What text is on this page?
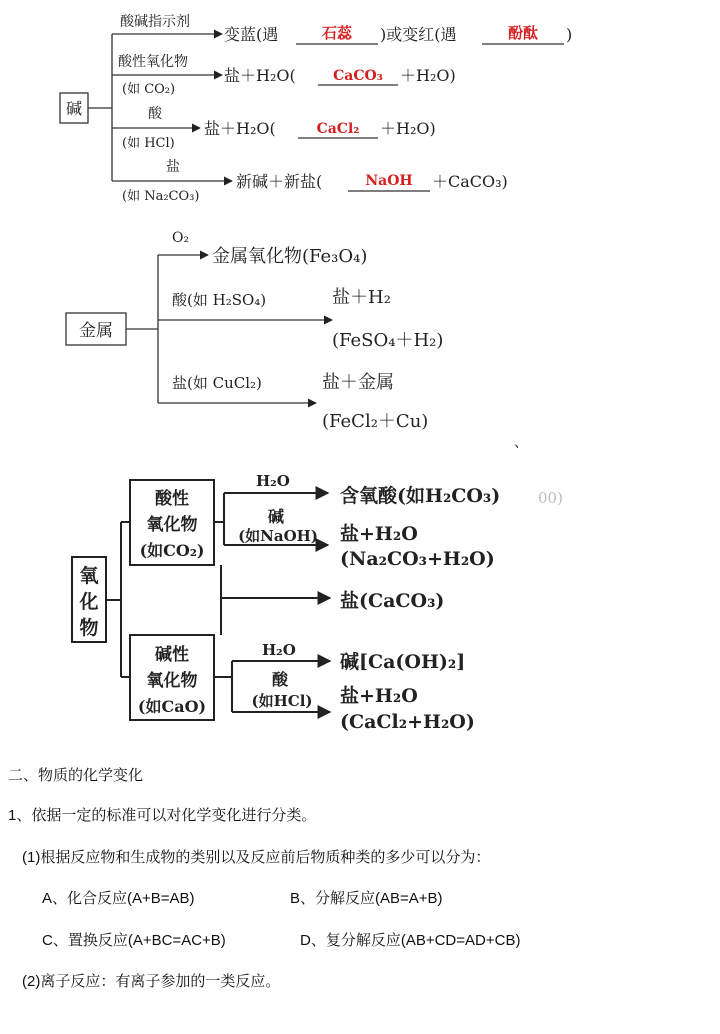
碱
酸碱指示剂
变蓝(遇	石蕊 )或变红(遇	酚酞 )
酸性氧化物
(如 CO₂)
盐＋H₂O(	CaCO₃ ＋H₂O)
酸
(如 HCl)
盐＋H₂O(	CaCl₂ ＋H₂O)
盐
(如 Na₂CO₃)
新碱＋新盐(	NaOH ＋CaCO₃)
金属
O₂
金属氧化物(Fe₃O₄)
酸(如 H₂SO₄)	盐＋H₂
(FeSO₄＋H₂)
盐(如 CuCl₂)	盐＋金属
(FeCl₂＋Cu)
、
氧
化
物
酸性
氧化物
(如CO₂)
H₂O
含氧酸(如H₂CO₃)	00)
碱
(如NaOH) 盐+H₂O
(Na₂CO₃+H₂O)
盐(CaCO₃)
碱性
氧化物
(如CaO)
H₂O
碱[Ca(OH)₂]
酸
(如HCl) 盐+H₂O
(CaCl₂+H₂O)
二、物质的化学变化
1、依据一定的标准可以对化学变化进行分类。
(1)根据反应物和生成物的类别以及反应前后物质种类的多少可以分为：
A、化合反应(A+B=AB)	B、分解反应(AB=A+B)
C、置换反应(A+BC=AC+B)	D、复分解反应(AB+CD=AD+CB)
(2)离子反应：有离子参加的一类反应。
